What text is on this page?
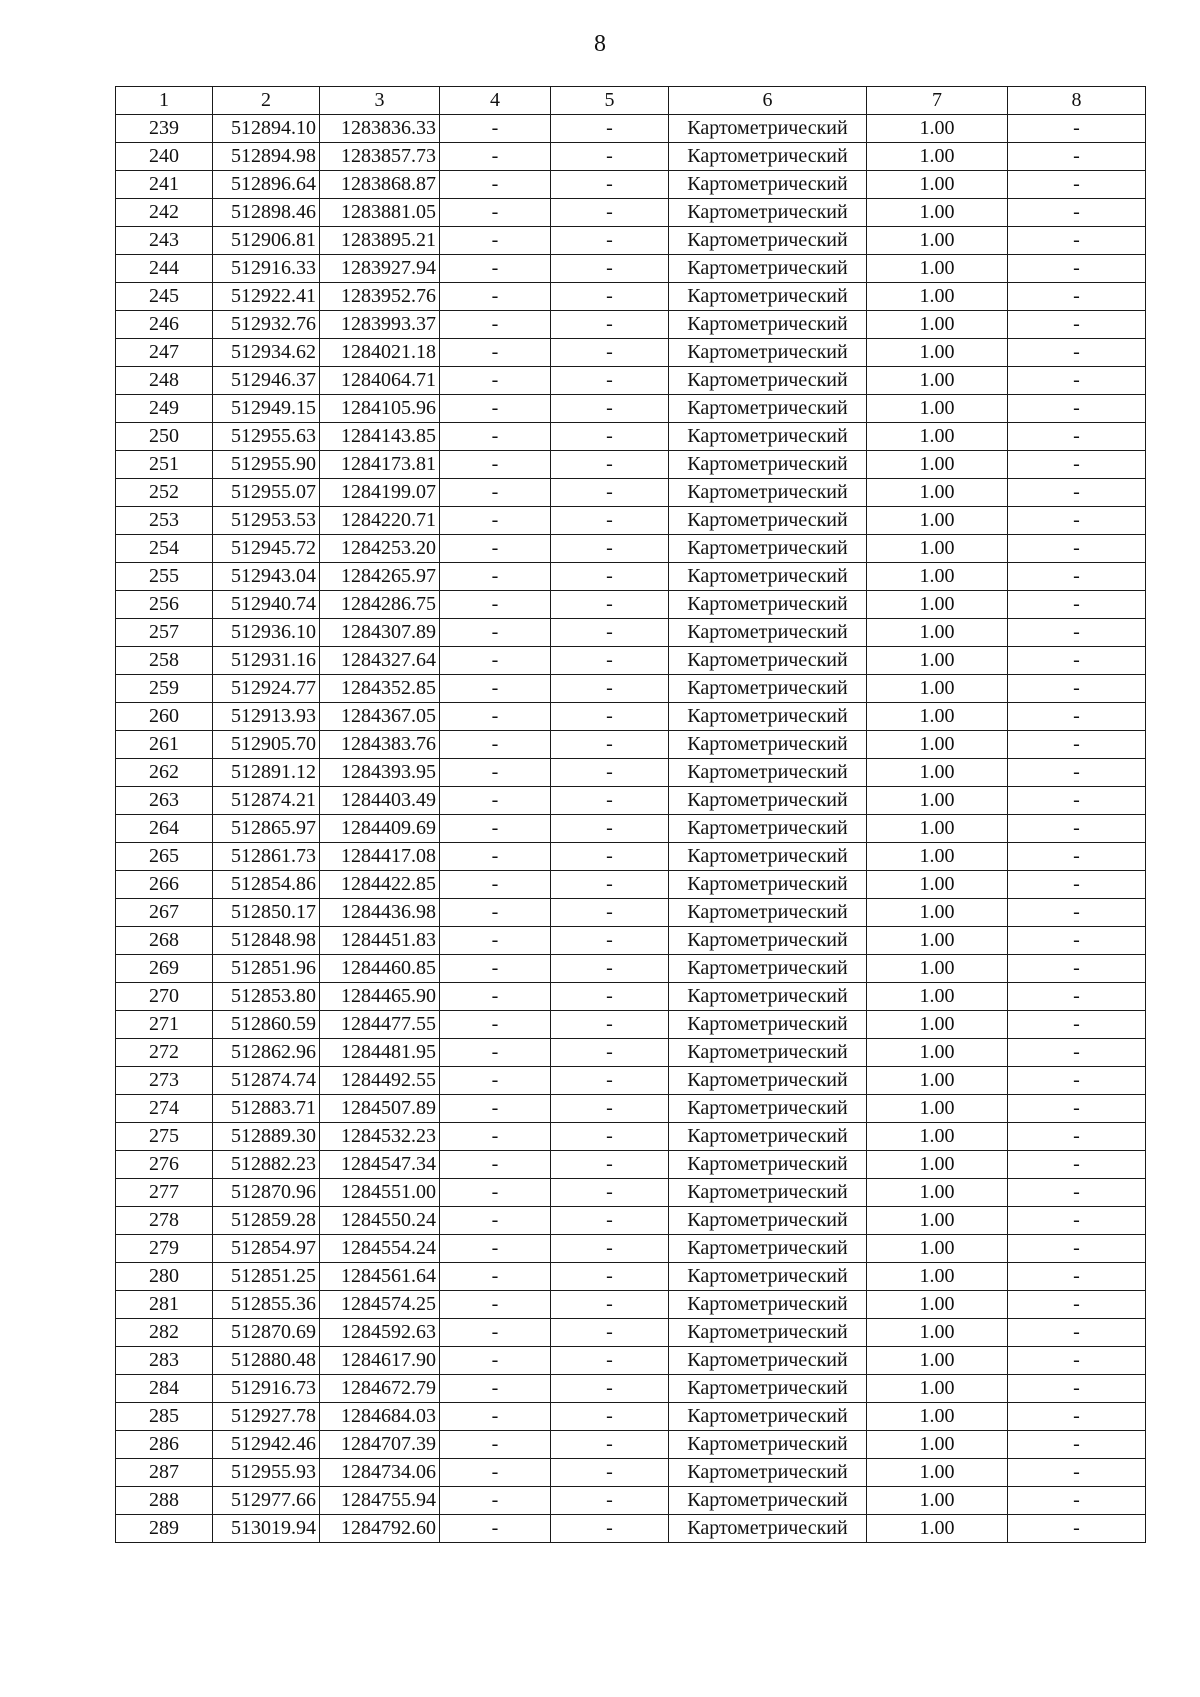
8
1	2	3	4	5	6	7	8
239	512894.10	1283836.33	-	-	Картометрический	1.00	-
240	512894.98	1283857.73	-	-	Картометрический	1.00	-
241	512896.64	1283868.87	-	-	Картометрический	1.00	-
242	512898.46	1283881.05	-	-	Картометрический	1.00	-
243	512906.81	1283895.21	-	-	Картометрический	1.00	-
244	512916.33	1283927.94	-	-	Картометрический	1.00	-
245	512922.41	1283952.76	-	-	Картометрический	1.00	-
246	512932.76	1283993.37	-	-	Картометрический	1.00	-
247	512934.62	1284021.18	-	-	Картометрический	1.00	-
248	512946.37	1284064.71	-	-	Картометрический	1.00	-
249	512949.15	1284105.96	-	-	Картометрический	1.00	-
250	512955.63	1284143.85	-	-	Картометрический	1.00	-
251	512955.90	1284173.81	-	-	Картометрический	1.00	-
252	512955.07	1284199.07	-	-	Картометрический	1.00	-
253	512953.53	1284220.71	-	-	Картометрический	1.00	-
254	512945.72	1284253.20	-	-	Картометрический	1.00	-
255	512943.04	1284265.97	-	-	Картометрический	1.00	-
256	512940.74	1284286.75	-	-	Картометрический	1.00	-
257	512936.10	1284307.89	-	-	Картометрический	1.00	-
258	512931.16	1284327.64	-	-	Картометрический	1.00	-
259	512924.77	1284352.85	-	-	Картометрический	1.00	-
260	512913.93	1284367.05	-	-	Картометрический	1.00	-
261	512905.70	1284383.76	-	-	Картометрический	1.00	-
262	512891.12	1284393.95	-	-	Картометрический	1.00	-
263	512874.21	1284403.49	-	-	Картометрический	1.00	-
264	512865.97	1284409.69	-	-	Картометрический	1.00	-
265	512861.73	1284417.08	-	-	Картометрический	1.00	-
266	512854.86	1284422.85	-	-	Картометрический	1.00	-
267	512850.17	1284436.98	-	-	Картометрический	1.00	-
268	512848.98	1284451.83	-	-	Картометрический	1.00	-
269	512851.96	1284460.85	-	-	Картометрический	1.00	-
270	512853.80	1284465.90	-	-	Картометрический	1.00	-
271	512860.59	1284477.55	-	-	Картометрический	1.00	-
272	512862.96	1284481.95	-	-	Картометрический	1.00	-
273	512874.74	1284492.55	-	-	Картометрический	1.00	-
274	512883.71	1284507.89	-	-	Картометрический	1.00	-
275	512889.30	1284532.23	-	-	Картометрический	1.00	-
276	512882.23	1284547.34	-	-	Картометрический	1.00	-
277	512870.96	1284551.00	-	-	Картометрический	1.00	-
278	512859.28	1284550.24	-	-	Картометрический	1.00	-
279	512854.97	1284554.24	-	-	Картометрический	1.00	-
280	512851.25	1284561.64	-	-	Картометрический	1.00	-
281	512855.36	1284574.25	-	-	Картометрический	1.00	-
282	512870.69	1284592.63	-	-	Картометрический	1.00	-
283	512880.48	1284617.90	-	-	Картометрический	1.00	-
284	512916.73	1284672.79	-	-	Картометрический	1.00	-
285	512927.78	1284684.03	-	-	Картометрический	1.00	-
286	512942.46	1284707.39	-	-	Картометрический	1.00	-
287	512955.93	1284734.06	-	-	Картометрический	1.00	-
288	512977.66	1284755.94	-	-	Картометрический	1.00	-
289	513019.94	1284792.60	-	-	Картометрический	1.00	-
